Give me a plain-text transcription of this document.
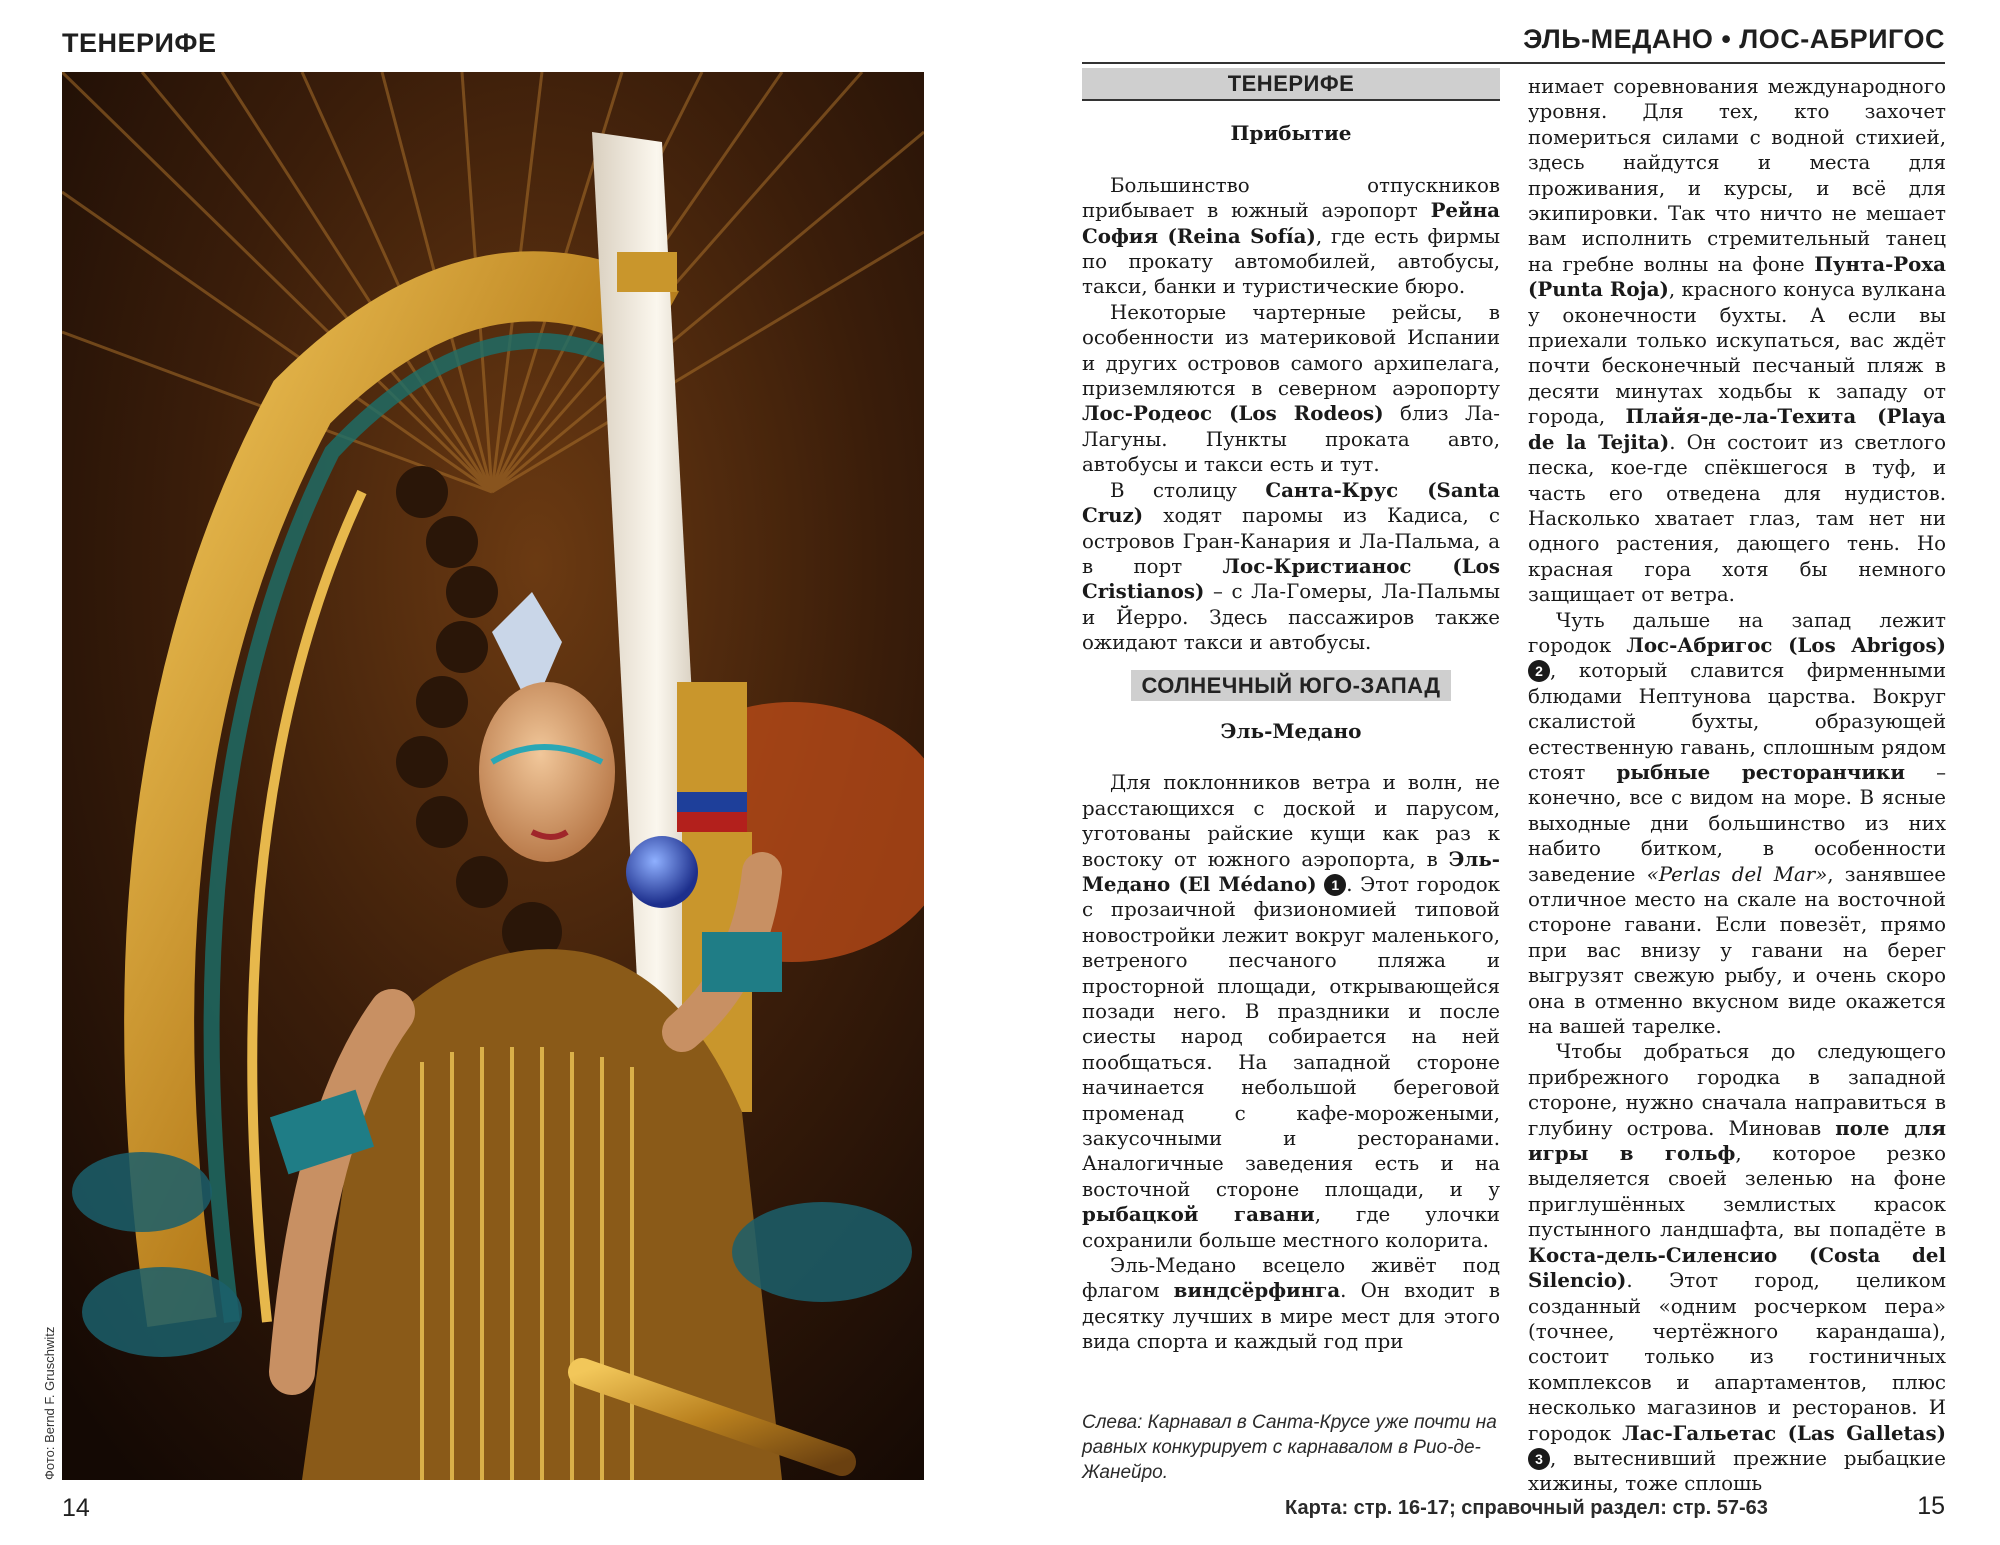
ТЕНЕРИФЕ
Фото: Bernd F. Gruschwitz
14
ЭЛЬ-МЕДАНО • ЛОС-АБРИГОС
ТЕНЕРИФЕ
Прибытие

Большинство отпускников прибывает в южный аэропорт Рейна София (Reina Sofía), где есть фирмы по прокату автомобилей, автобусы, такси, банки и туристические бюро.

Некоторые чартерные рейсы, в особенности из материковой Испании и других островов самого архипелага, приземляются в северном аэропорту Лос-Родеос (Los Rodeos) близ Ла-Лагуны. Пункты проката авто, автобусы и такси есть и тут.

В столицу Санта-Крус (Santa Cruz) ходят паромы из Кадиса, с островов Гран-Канария и Ла-Пальма, а в порт Лос-Кристианос (Los Cristianos) – с Ла-Гомеры, Ла-Пальмы и Йерро. Здесь пассажиров также ожидают такси и автобусы.

СОЛНЕЧНЫЙ ЮГО-ЗАПАД
Эль-Медано

Для поклонников ветра и волн, не расстающихся с доской и парусом, уготованы райские кущи как раз к востоку от южного аэропорта, в Эль-Медано (El Médano) 1 . Этот городок с прозаичной физиономией типовой новостройки лежит вокруг маленького, ветреного песчаного пляжа и просторной площади, открывающейся позади него. В праздники и после сиесты народ собирается на ней пообщаться. На западной стороне начинается небольшой береговой променад с кафе-морожеными, закусочными и ресторанами. Аналогичные заведения есть и на восточной стороне площади, и у рыбацкой гавани, где улочки сохранили больше местного колорита.

Эль-Медано всецело живёт под флагом виндсёрфинга. Он входит в десятку лучших в мире мест для этого вида спорта и каждый год при

нимает соревнования международного уровня. Для тех, кто захочет помериться силами с водной стихией, здесь найдутся и места для проживания, и курсы, и всё для экипировки. Так что ничто не мешает вам исполнить стремительный танец на гребне волны на фоне Пунта-Роха (Punta Roja), красного конуса вулкана у оконечности бухты. А если вы приехали только искупаться, вас ждёт почти бесконечный песчаный пляж в десяти минутах ходьбы к западу от города, Плайя-де-ла-Техита (Playa de la Tejita). Он состоит из светлого песка, кое-где спёкшегося в туф, и часть его отведена для нудистов. Насколько хватает глаз, там нет ни одного растения, дающего тень. Но красная гора хотя бы немного защищает от ветра.

Чуть дальше на запад лежит городок Лос-Абригос (Los Abrigos) 2 , который славится фирменными блюдами Нептунова царства. Вокруг скалистой бухты, образующей естественную гавань, сплошным рядом стоят рыбные ресторанчики – конечно, все с видом на море. В ясные выходные дни большинство из них набито битком, в особенности заведение «Perlas del Mar», занявшее отличное место на скале на восточной стороне гавани. Если повезёт, прямо при вас внизу у гавани на берег выгрузят свежую рыбу, и очень скоро она в отменно вкусном виде окажется на вашей тарелке.

Чтобы добраться до следующего прибрежного городка в западной стороне, нужно сначала направиться в глубину острова. Миновав поле для игры в гольф, которое резко выделяется своей зеленью на фоне приглушённых землистых красок пустынного ландшафта, вы попадёте в Коста-дель-Силенсио (Costa del Silencio). Этот город, целиком созданный «одним росчерком пера» (точнее, чертёжного карандаша), состоит только из гостиничных комплексов и апартаментов, плюс несколько магазинов и ресторанов. И городок Лас-Гальетас (Las Galletas) 3 , вытеснивший прежние рыбацкие хижины, тоже сплошь

Слева: Карнавал в Санта-Крусе уже почти на равных конкурирует с карнавалом в Рио-де-Жанейро.
Карта: стр. 16-17; справочный раздел: стр. 57-63	15
